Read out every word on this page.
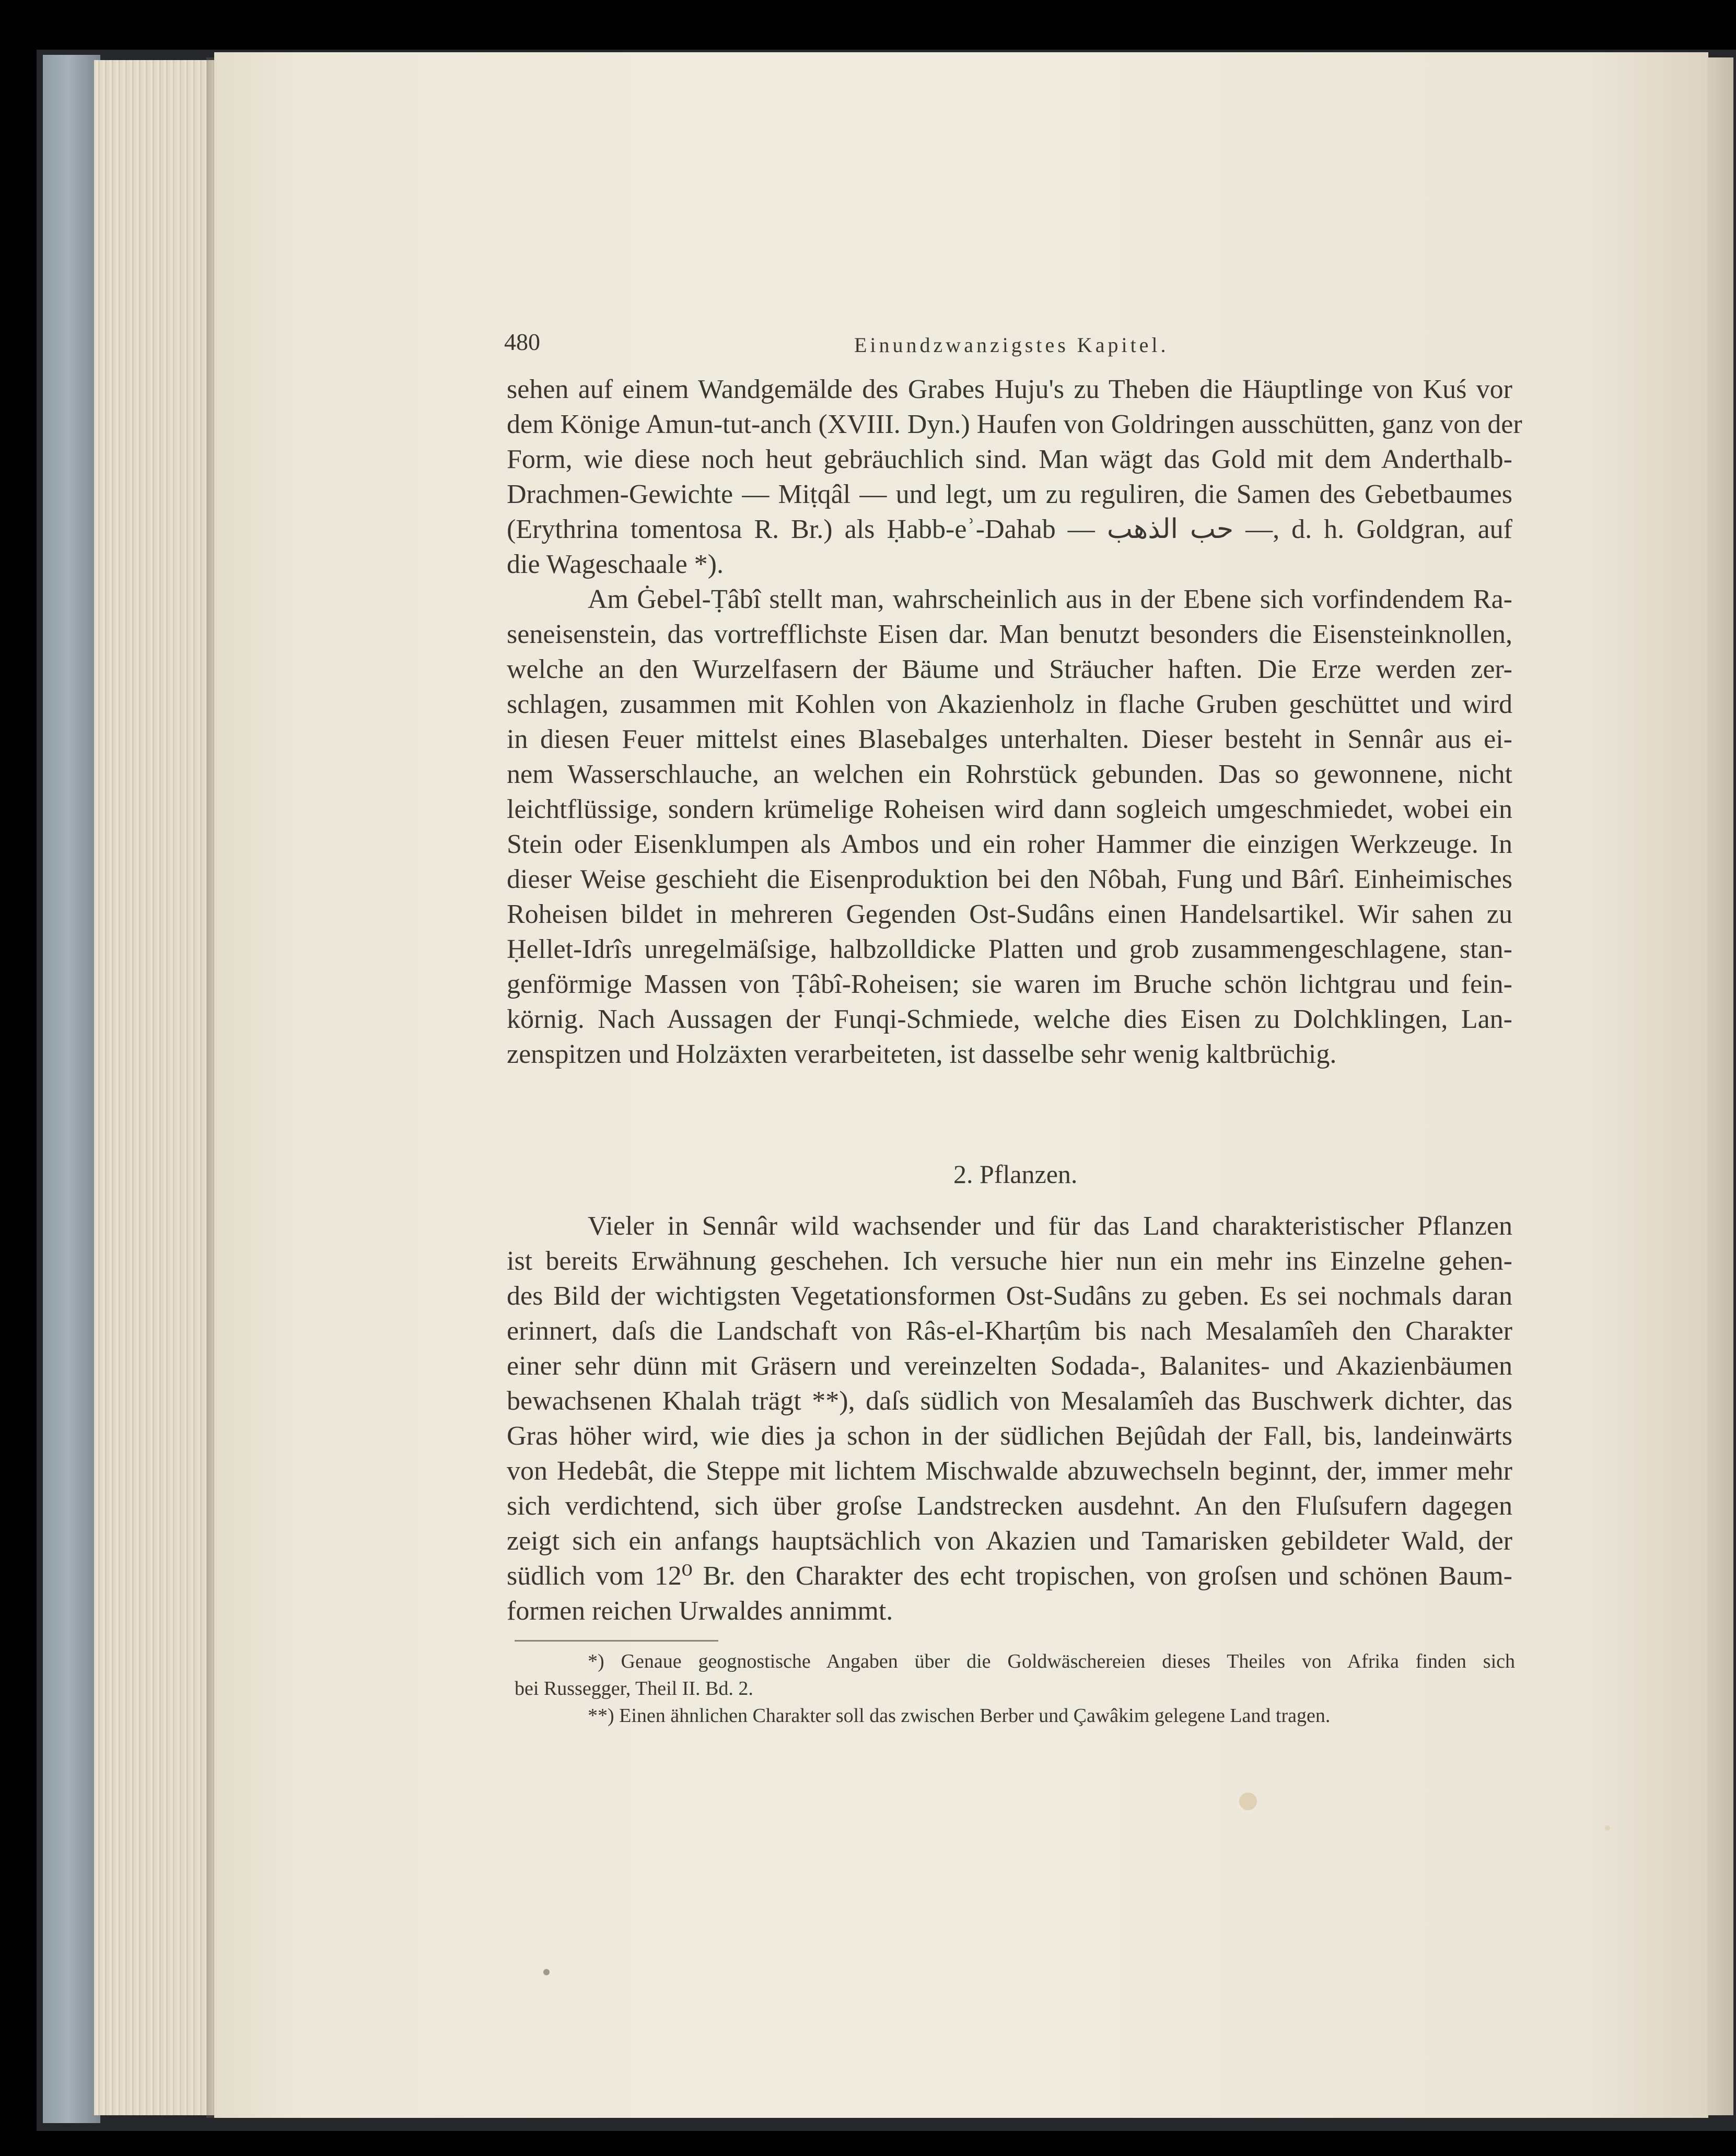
480	Einundzwanzigstes Kapitel.
sehen auf einem Wandgemälde des Grabes Huju's zu Theben die Häuptlinge von Kuś vor
dem Könige Amun-tut-anch (XVIII. Dyn.) Haufen von Goldringen ausschütten, ganz von der
Form, wie diese noch heut gebräuchlich sind. Man wägt das Gold mit dem Anderthalb-
Drachmen-Gewichte — Miṭqâl — und legt, um zu reguliren, die Samen des Gebetbaumes
(Erythrina tomentosa R. Br.) als Ḥabb-eʾ-Dahab — حب الذهب —, d. h. Goldgran, auf
die Wageschaale *).
Am Ġebel-Ṭâbî stellt man, wahrscheinlich aus in der Ebene sich vorfindendem Ra-
seneisenstein, das vortrefflichste Eisen dar. Man benutzt besonders die Eisensteinknollen,
welche an den Wurzelfasern der Bäume und Sträucher haften. Die Erze werden zer-
schlagen, zusammen mit Kohlen von Akazienholz in flache Gruben geschüttet und wird
in diesen Feuer mittelst eines Blasebalges unterhalten. Dieser besteht in Sennâr aus ei-
nem Wasserschlauche, an welchen ein Rohrstück gebunden. Das so gewonnene, nicht
leichtflüssige, sondern krümelige Roheisen wird dann sogleich umgeschmiedet, wobei ein
Stein oder Eisenklumpen als Ambos und ein roher Hammer die einzigen Werkzeuge. In
dieser Weise geschieht die Eisenproduktion bei den Nôbah, Fung und Bârî. Einheimisches
Roheisen bildet in mehreren Gegenden Ost-Sudâns einen Handelsartikel. Wir sahen zu
Ḥellet-Idrîs unregelmäſsige, halbzolldicke Platten und grob zusammengeschlagene, stan-
genförmige Massen von Ṭâbî-Roheisen; sie waren im Bruche schön lichtgrau und fein-
körnig. Nach Aussagen der Funqi-Schmiede, welche dies Eisen zu Dolchklingen, Lan-
zenspitzen und Holzäxten verarbeiteten, ist dasselbe sehr wenig kaltbrüchig.
2. Pflanzen.
Vieler in Sennâr wild wachsender und für das Land charakteristischer Pflanzen
ist bereits Erwähnung geschehen. Ich versuche hier nun ein mehr ins Einzelne gehen-
des Bild der wichtigsten Vegetationsformen Ost-Sudâns zu geben. Es sei nochmals daran
erinnert, daſs die Landschaft von Râs-el-Kharṭûm bis nach Mesalamîeh den Charakter
einer sehr dünn mit Gräsern und vereinzelten Sodada-, Balanites- und Akazienbäumen
bewachsenen Khalah trägt **), daſs südlich von Mesalamîeh das Buschwerk dichter, das
Gras höher wird, wie dies ja schon in der südlichen Bejûdah der Fall, bis, landeinwärts
von Hedebât, die Steppe mit lichtem Mischwalde abzuwechseln beginnt, der, immer mehr
sich verdichtend, sich über groſse Landstrecken ausdehnt. An den Fluſsufern dagegen
zeigt sich ein anfangs hauptsächlich von Akazien und Tamarisken gebildeter Wald, der
südlich vom 12⁰ Br. den Charakter des echt tropischen, von groſsen und schönen Baum-
formen reichen Urwaldes annimmt.
*) Genaue geognostische Angaben über die Goldwäschereien dieses Theiles von Afrika finden sich
bei Russegger, Theil II. Bd. 2.
**) Einen ähnlichen Charakter soll das zwischen Berber und Çawâkim gelegene Land tragen.
